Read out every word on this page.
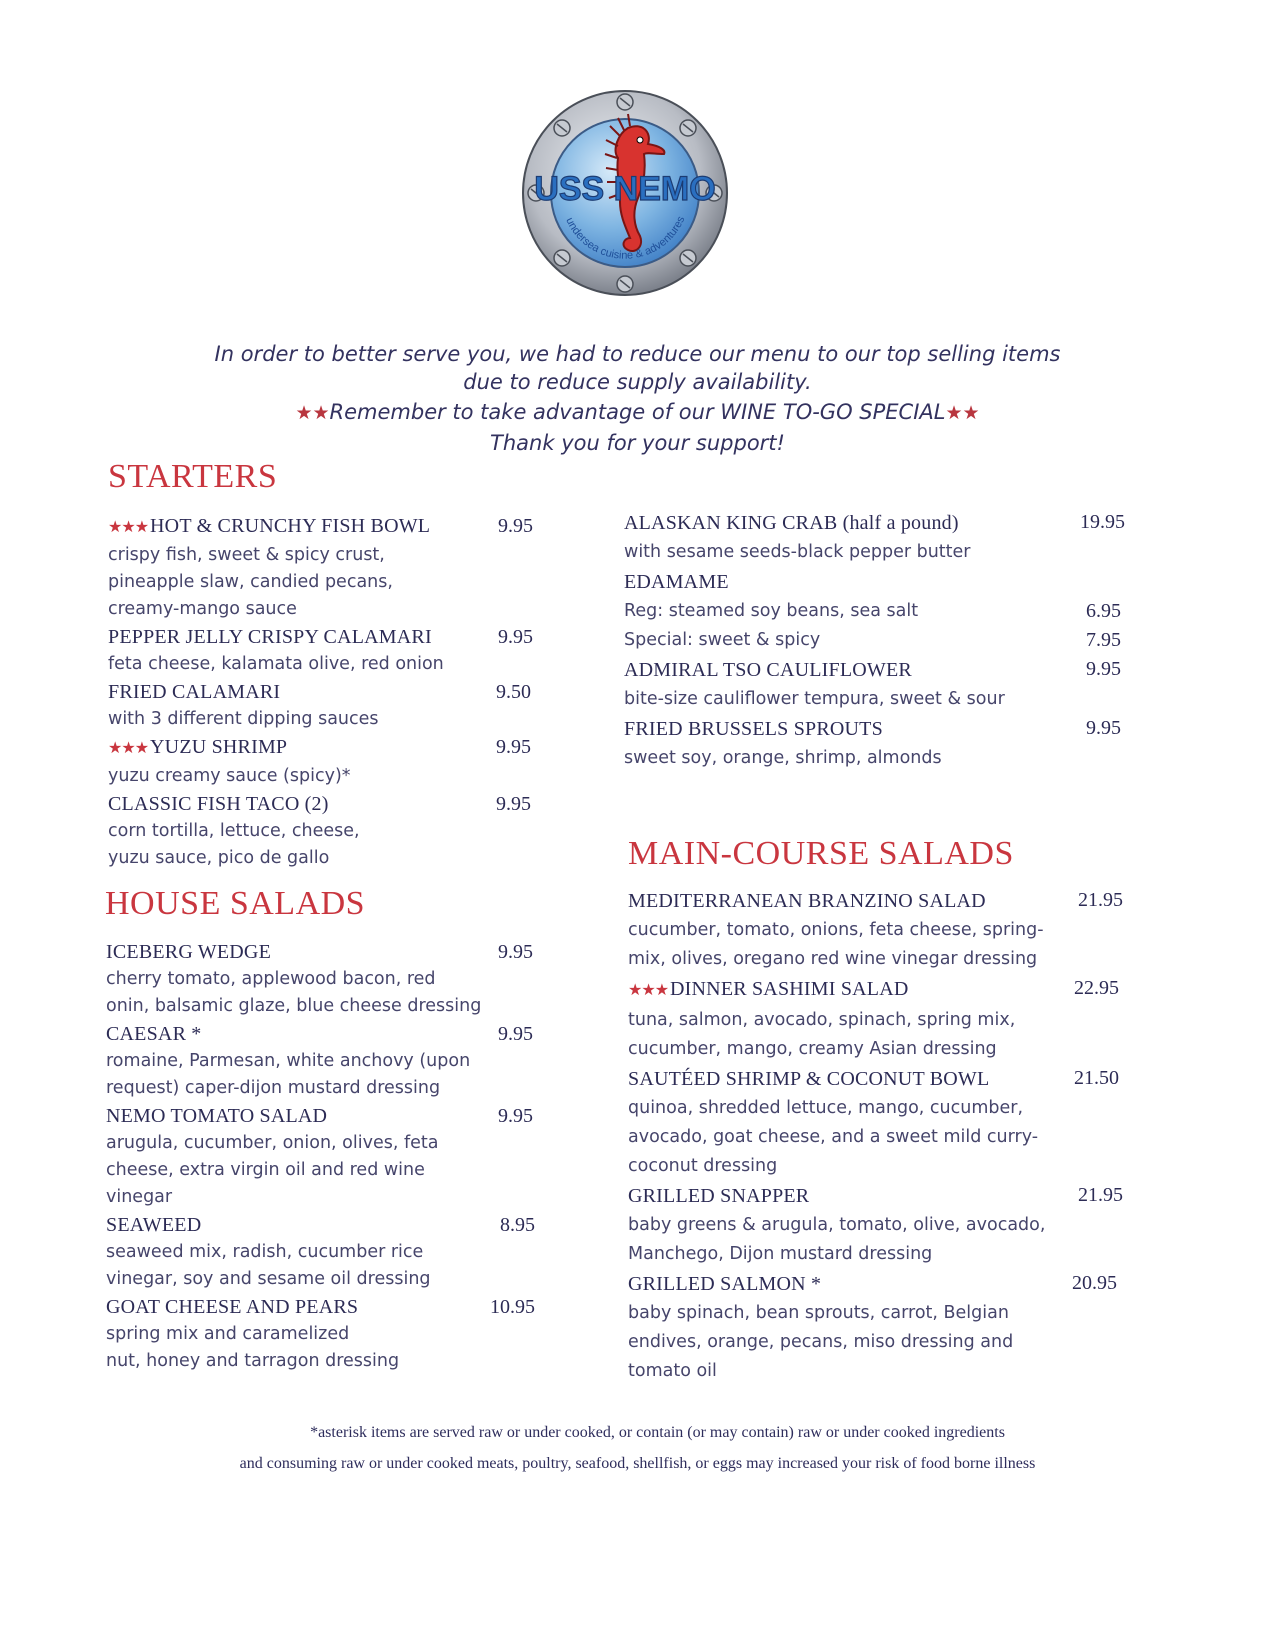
USS NEMO
undersea cuisine & adventures
In order to better serve you, we had to reduce our menu to our top selling items
due to reduce supply availability.
★★Remember to take advantage of our WINE TO-GO SPECIAL★★
Thank you for your support!
STARTERS
★★★ HOT & CRUNCHY FISH BOWL	9.95
crispy fish, sweet & spicy crust,
pineapple slaw, candied pecans,
creamy-mango sauce
PEPPER JELLY CRISPY CALAMARI	9.95
feta cheese, kalamata olive, red onion
FRIED CALAMARI	9.50
with 3 different dipping sauces
★★★ YUZU SHRIMP	9.95
yuzu creamy sauce (spicy)*
CLASSIC FISH TACO (2)	9.95
corn tortilla, lettuce, cheese,
yuzu sauce, pico de gallo
ALASKAN KING CRAB (half a pound)	19.95
with sesame seeds-black pepper butter
EDAMAME
Reg: steamed soy beans, sea salt	6.95
Special: sweet & spicy	7.95
ADMIRAL TSO CAULIFLOWER	9.95
bite-size cauliflower tempura, sweet & sour
FRIED BRUSSELS SPROUTS	9.95
sweet soy, orange, shrimp, almonds
HOUSE SALADS
ICEBERG WEDGE	9.95
cherry tomato, applewood bacon, red
onin, balsamic glaze, blue cheese dressing
CAESAR *	9.95
romaine, Parmesan, white anchovy (upon
request) caper-dijon mustard dressing
NEMO TOMATO SALAD	9.95
arugula, cucumber, onion, olives, feta
cheese, extra virgin oil and red wine
vinegar
SEAWEED	8.95
seaweed mix, radish, cucumber rice
vinegar, soy and sesame oil dressing
GOAT CHEESE AND PEARS	10.95
spring mix and caramelized
nut, honey and tarragon dressing
MAIN-COURSE SALADS
MEDITERRANEAN BRANZINO SALAD	21.95
cucumber, tomato, onions, feta cheese, spring-
mix, olives, oregano red wine vinegar dressing
★★★ DINNER SASHIMI SALAD	22.95
tuna, salmon, avocado, spinach, spring mix,
cucumber, mango, creamy Asian dressing
SAUTÉED SHRIMP & COCONUT BOWL	21.50
quinoa, shredded lettuce, mango, cucumber,
avocado, goat cheese, and a sweet mild curry-
coconut dressing
GRILLED SNAPPER	21.95
baby greens & arugula, tomato, olive, avocado,
Manchego, Dijon mustard dressing
GRILLED SALMON *	20.95
baby spinach, bean sprouts, carrot, Belgian
endives, orange, pecans, miso dressing and
tomato oil
*asterisk items are served raw or under cooked, or contain (or may contain) raw or under cooked ingredients
and consuming raw or under cooked meats, poultry, seafood, shellfish, or eggs may increased your risk of food borne illness
